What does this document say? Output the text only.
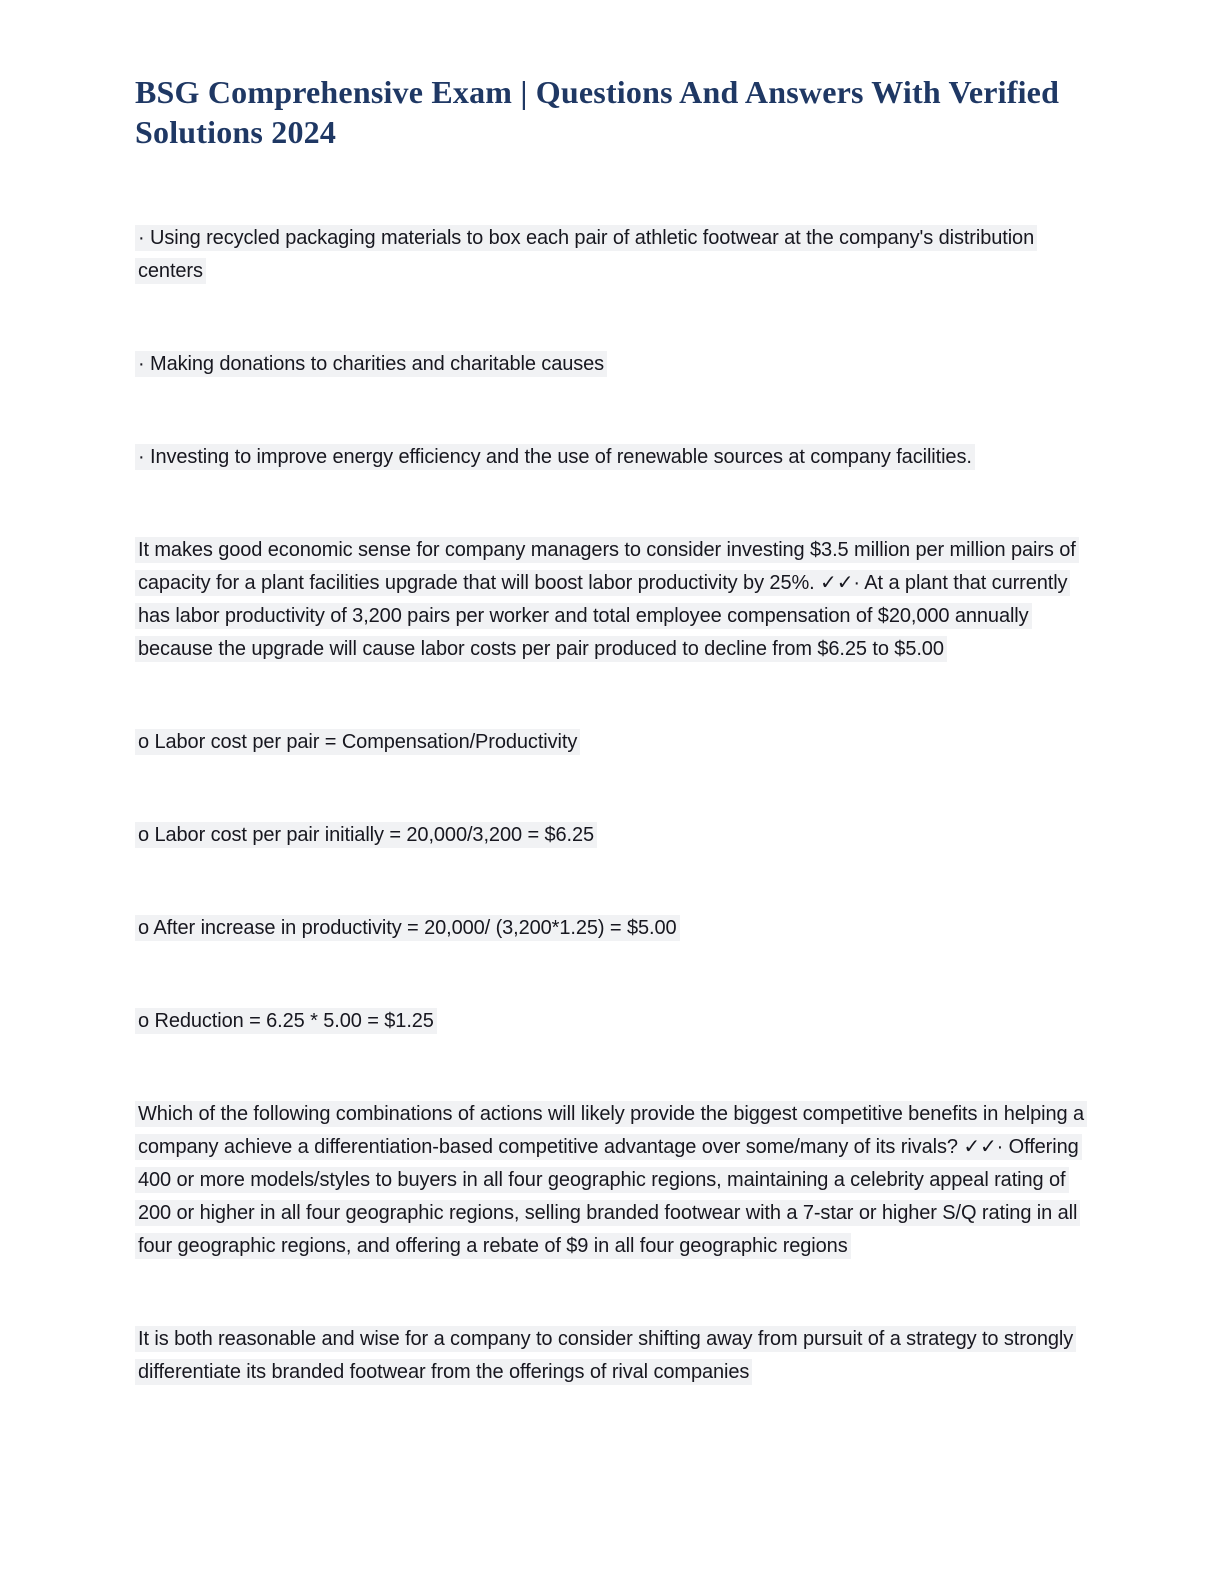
BSG Comprehensive Exam | Questions And Answers With Verified Solutions 2024

· Using recycled packaging materials to box each pair of athletic footwear at the company's distribution centers

· Making donations to charities and charitable causes

· Investing to improve energy efficiency and the use of renewable sources at company facilities.

It makes good economic sense for company managers to consider investing $3.5 million per million pairs of capacity for a plant facilities upgrade that will boost labor productivity by 25%. ✓✓· At a plant that currently has labor productivity of 3,200 pairs per worker and total employee compensation of $20,000 annually because the upgrade will cause labor costs per pair produced to decline from $6.25 to $5.00

o Labor cost per pair = Compensation/Productivity

o Labor cost per pair initially = 20,000/3,200 = $6.25

o After increase in productivity = 20,000/ (3,200*1.25) = $5.00

o Reduction = 6.25 * 5.00 = $1.25

Which of the following combinations of actions will likely provide the biggest competitive benefits in helping a company achieve a differentiation-based competitive advantage over some/many of its rivals? ✓✓· Offering 400 or more models/styles to buyers in all four geographic regions, maintaining a celebrity appeal rating of 200 or higher in all four geographic regions, selling branded footwear with a 7-star or higher S/Q rating in all four geographic regions, and offering a rebate of $9 in all four geographic regions

It is both reasonable and wise for a company to consider shifting away from pursuit of a strategy to strongly differentiate its branded footwear from the offerings of rival companies
